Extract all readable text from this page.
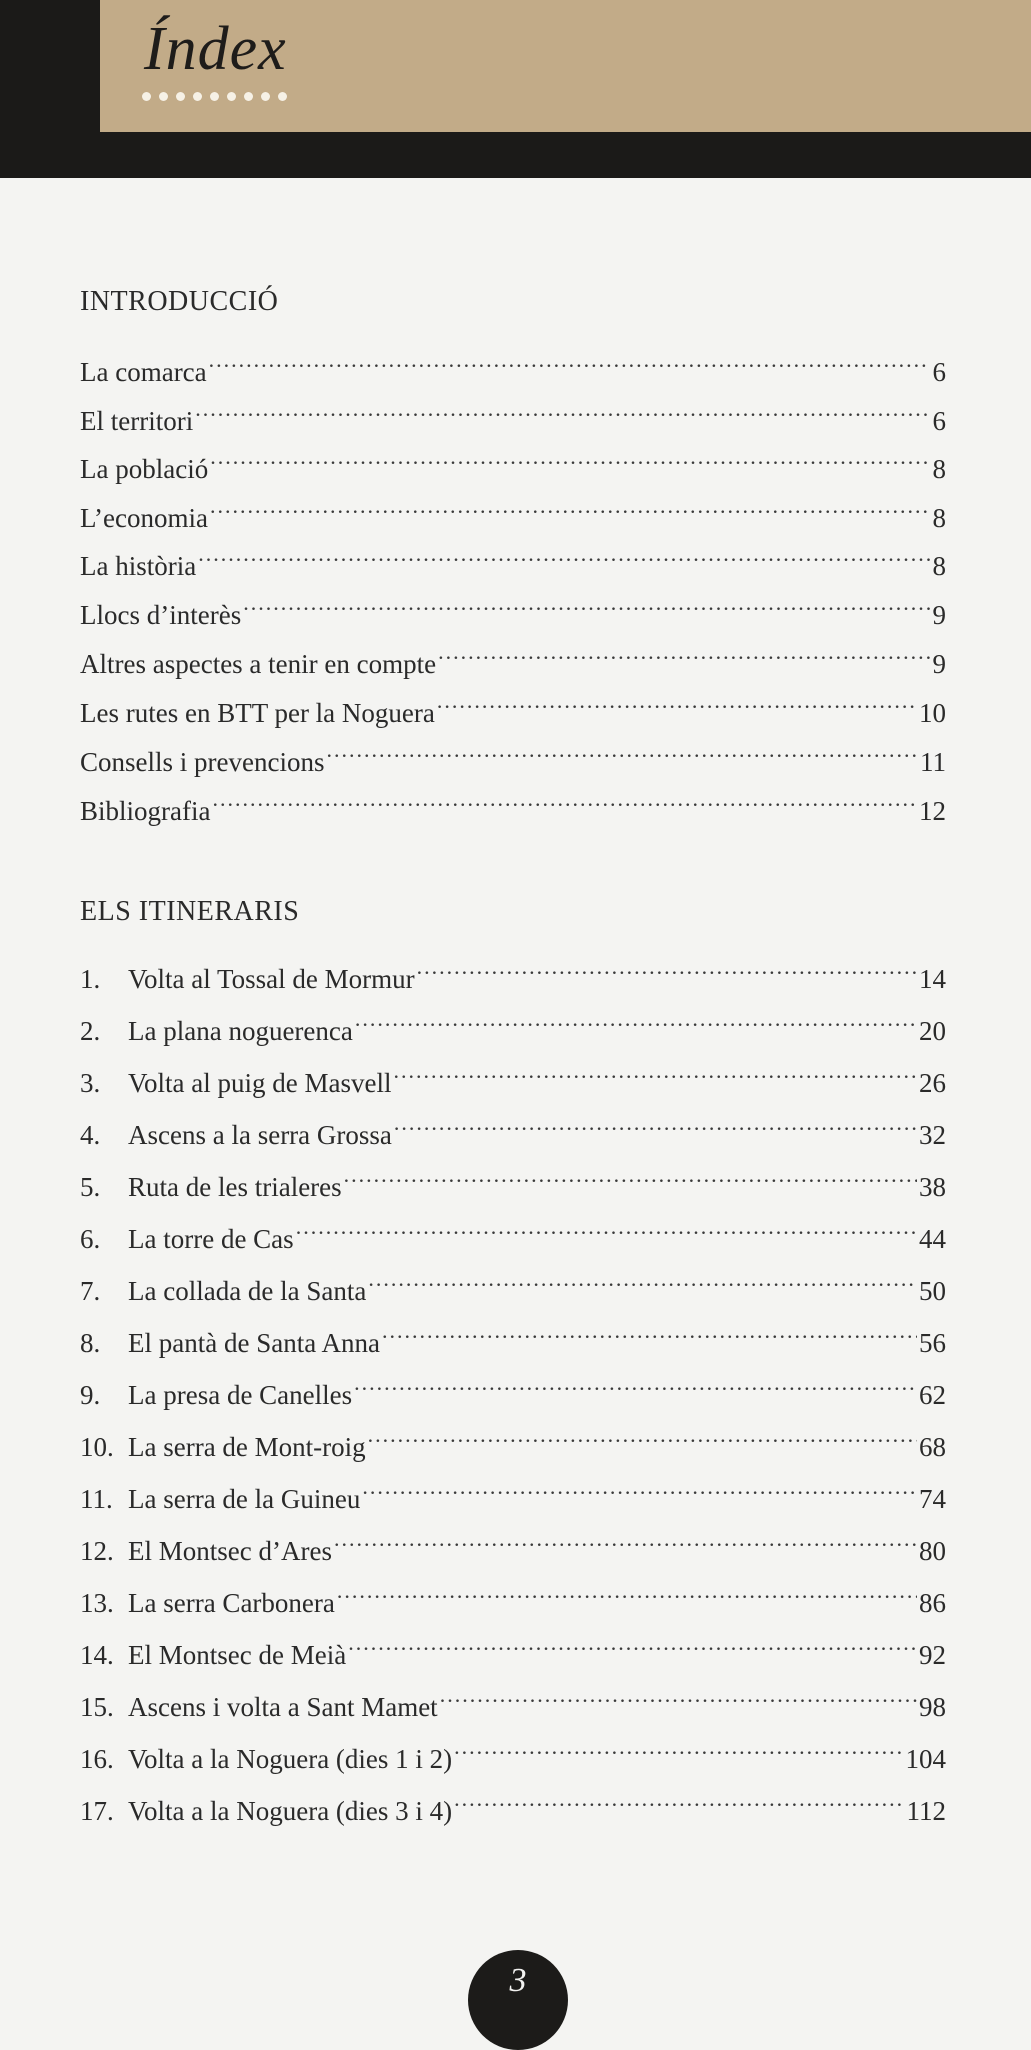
Índex
INTRODUCCIÓ
La comarca .....	6
El territori .....	6
La població .....	8
L’economia .....	8
La història .....	8
Llocs d’interès .....	9
Altres aspectes a tenir en compte .....	9
Les rutes en BTT per la Noguera .....	10
Consells i prevencions .....	11
Bibliografia .....	12
ELS ITINERARIS
1.	Volta al Tossal de Mormur .....	14
2.	La plana noguerenca .....	20
3.	Volta al puig de Masvell .....	26
4.	Ascens a la serra Grossa .....	32
5.	Ruta de les trialeres .....	38
6.	La torre de Cas .....	44
7.	La collada de la Santa .....	50
8.	El pantà de Santa Anna .....	56
9.	La presa de Canelles .....	62
10. La serra de Mont-roig .....	68
11. La serra de la Guineu .....	74
12. El Montsec d’Ares .....	80
13. La serra Carbonera .....	86
14. El Montsec de Meià .....	92
15. Ascens i volta a Sant Mamet .....	98
16. Volta a la Noguera (dies 1 i 2) .....	104
17. Volta a la Noguera (dies 3 i 4) .....	112
3
